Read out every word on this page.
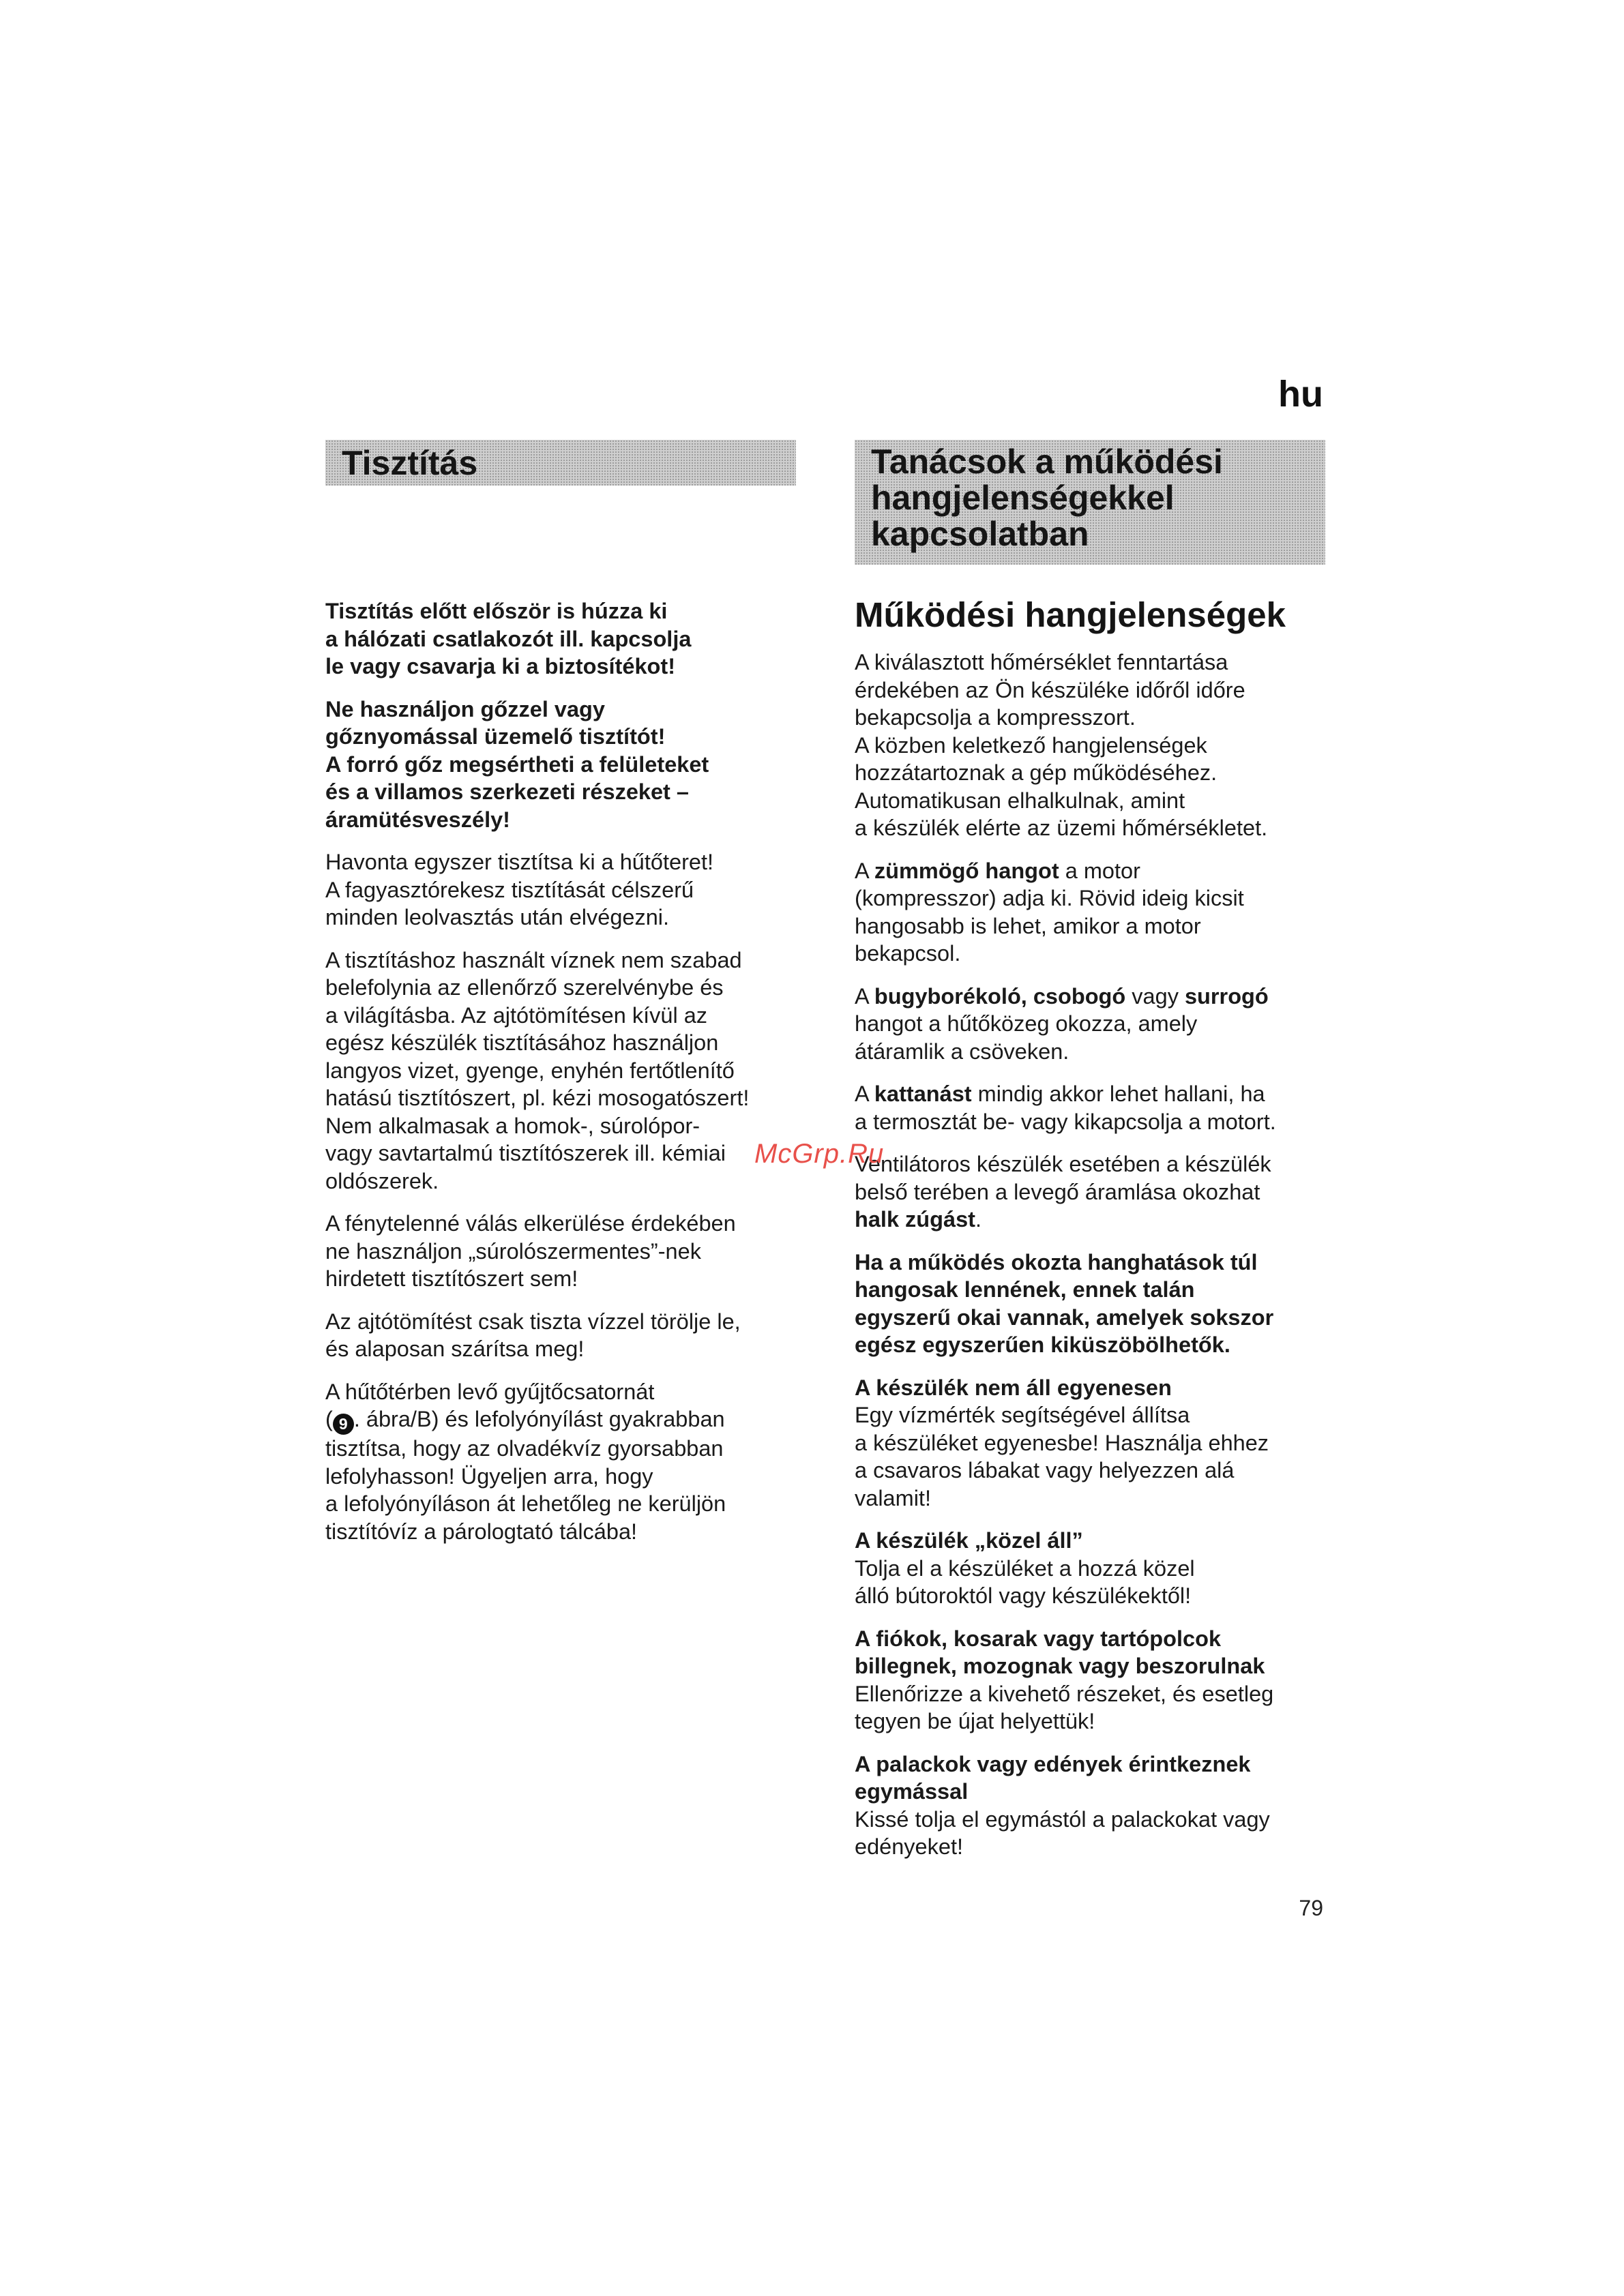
hu
Tisztítás

Tisztítás előtt először is húzza ki
a hálózati csatlakozót ill. kapcsolja
le vagy csavarja ki a biztosítékot!

Ne használjon gőzzel vagy
gőznyomással üzemelő tisztítót!
A forró gőz megsértheti a felületeket
és a villamos szerkezeti részeket –
áramütésveszély!

Havonta egyszer tisztítsa ki a hűtőteret!
A fagyasztórekesz tisztítását célszerű
minden leolvasztás után elvégezni.

A tisztításhoz használt víznek nem szabad
belefolynia az ellenőrző szerelvénybe és
a világításba. Az ajtótömítésen kívül az
egész készülék tisztításához használjon
langyos vizet, gyenge, enyhén fertőtlenítő
hatású tisztítószert, pl. kézi mosogatószert!
Nem alkalmasak a homok-, súrolópor-
vagy savtartalmú tisztítószerek ill. kémiai
oldószerek.

A fénytelenné válás elkerülése érdekében
ne használjon „súrolószermentes”-nek
hirdetett tisztítószert sem!

Az ajtótömítést csak tiszta vízzel törölje le,
és alaposan szárítsa meg!

A hűtőtérben levő gyűjtőcsatornát
( 9 . ábra/B) és lefolyónyílást gyakrabban
tisztítsa, hogy az olvadékvíz gyorsabban
lefolyhasson! Ügyeljen arra, hogy
a lefolyónyíláson át lehetőleg ne kerüljön
tisztítóvíz a párologtató tálcába!

Tanácsok a működési
hangjelenségekkel
kapcsolatban
Működési hangjelenségek

A kiválasztott hőmérséklet fenntartása
érdekében az Ön készüléke időről időre
bekapcsolja a kompresszort.
A közben keletkező hangjelenségek
hozzátartoznak a gép működéséhez.
Automatikusan elhalkulnak, amint
a készülék elérte az üzemi hőmérsékletet.

A zümmögő hangot a motor
(kompresszor) adja ki. Rövid ideig kicsit
hangosabb is lehet, amikor a motor
bekapcsol.

A bugyborékoló, csobogó vagy surrogó
hangot a hűtőközeg okozza, amely
átáramlik a csöveken.

A kattanást mindig akkor lehet hallani, ha
a termosztát be- vagy kikapcsolja a motort.

Ventilátoros készülék esetében a készülék
belső terében a levegő áramlása okozhat
halk zúgást.

Ha a működés okozta hanghatások túl
hangosak lennének, ennek talán
egyszerű okai vannak, amelyek sokszor
egész egyszerűen kiküszöbölhetők.

A készülék nem áll egyenesen
Egy vízmérték segítségével állítsa
a készüléket egyenesbe! Használja ehhez
a csavaros lábakat vagy helyezzen alá
valamit!

A készülék „közel áll”
Tolja el a készüléket a hozzá közel
álló bútoroktól vagy készülékektől!

A fiókok, kosarak vagy tartópolcok
billegnek, mozognak vagy beszorulnak
Ellenőrizze a kivehető részeket, és esetleg
tegyen be újat helyettük!

A palackok vagy edények érintkeznek
egymással
Kissé tolja el egymástól a palackokat vagy
edényeket!

McGrp.Ru
79
